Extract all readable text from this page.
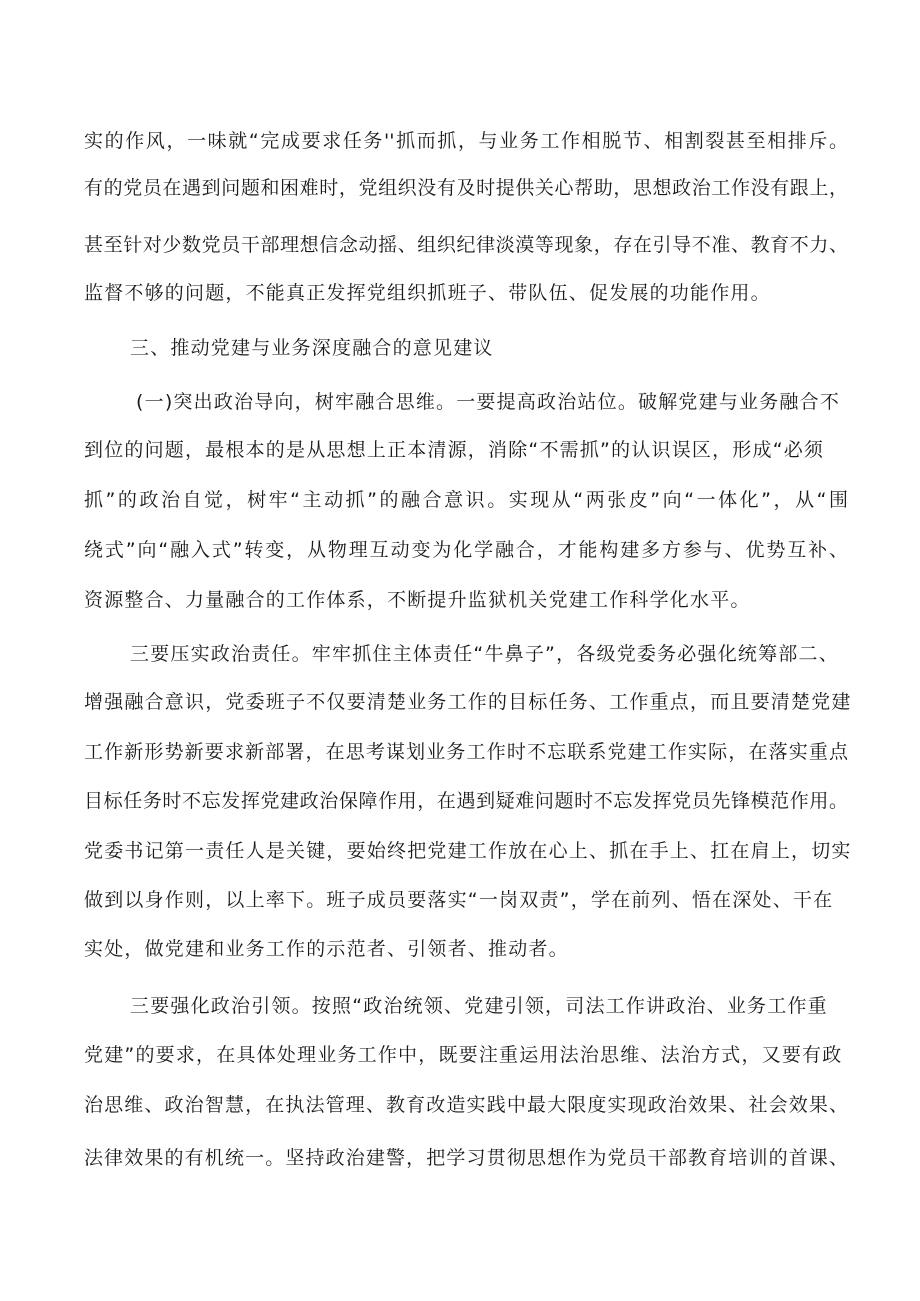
实的作风，一味就“完成要求任务''抓而抓，与业务工作相脱节、相割裂甚至相排斥。
有的党员在遇到问题和困难时，党组织没有及时提供关心帮助，思想政治工作没有跟上，
甚至针对少数党员干部理想信念动摇、组织纪律淡漠等现象，存在引导不准、教育不力、
监督不够的问题，不能真正发挥党组织抓班子、带队伍、促发展的功能作用。
三、推动党建与业务深度融合的意见建议
(一)突出政治导向，树牢融合思维。一要提高政治站位。破解党建与业务融合不
到位的问题，最根本的是从思想上正本清源，消除“不需抓”的认识误区，形成“必须
抓”的政治自觉，树牢“主动抓”的融合意识。实现从“两张皮”向“一体化”，从“围
绕式”向“融入式”转变，从物理互动变为化学融合，才能构建多方参与、优势互补、
资源整合、力量融合的工作体系，不断提升监狱机关党建工作科学化水平。
三要压实政治责任。牢牢抓住主体责任“牛鼻子”，各级党委务必强化统筹部二、
增强融合意识，党委班子不仅要清楚业务工作的目标任务、工作重点，而且要清楚党建
工作新形势新要求新部署，在思考谋划业务工作时不忘联系党建工作实际，在落实重点
目标任务时不忘发挥党建政治保障作用，在遇到疑难问题时不忘发挥党员先锋模范作用。
党委书记第一责任人是关键，要始终把党建工作放在心上、抓在手上、扛在肩上，切实
做到以身作则，以上率下。班子成员要落实“一岗双责”，学在前列、悟在深处、干在
实处，做党建和业务工作的示范者、引领者、推动者。
三要强化政治引领。按照“政治统领、党建引领，司法工作讲政治、业务工作重
党建”的要求，在具体处理业务工作中，既要注重运用法治思维、法治方式，又要有政
治思维、政治智慧，在执法管理、教育改造实践中最大限度实现政治效果、社会效果、
法律效果的有机统一。坚持政治建警，把学习贯彻思想作为党员干部教育培训的首课、
